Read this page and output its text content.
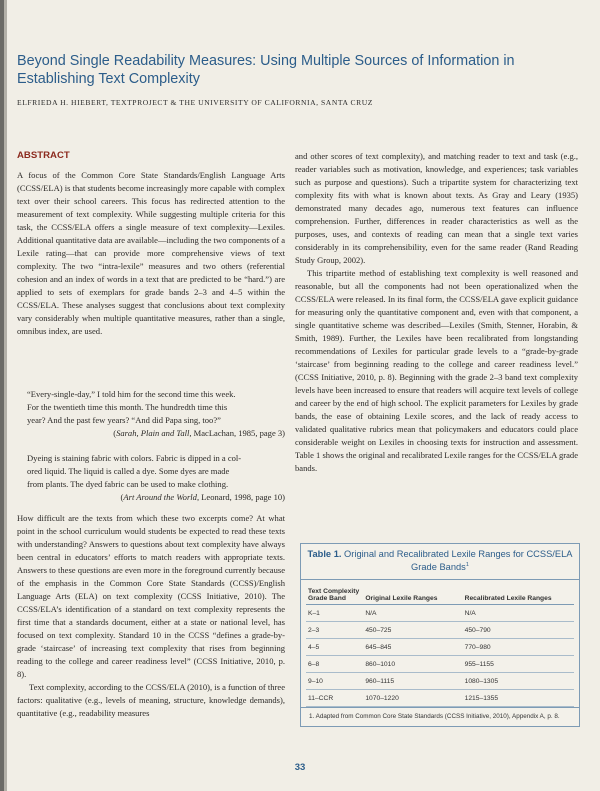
Beyond Single Readability Measures: Using Multiple Sources of Information in Establishing Text Complexity
ELFRIEDA H. HIEBERT, TEXTPROJECT & THE UNIVERSITY OF CALIFORNIA, SANTA CRUZ
ABSTRACT

A focus of the Common Core State Standards/English Language Arts (CCSS/ELA) is that students become increasingly more capable with complex text over their school careers. This focus has redirected attention to the measurement of text complexity. While suggesting multiple criteria for this task, the CCSS/ELA offers a single measure of text complexity—Lexiles. Additional quantitative data are available—including the two components of a Lexile rating—that can provide more comprehensive views of text complexity. The two “intra-lexile” measures and two others (referential cohesion and an index of words in a text that are predicted to be “hard.”) are applied to sets of exemplars for grade bands 2–3 and 4–5 within the CCSS/ELA. These analyses suggest that conclusions about text complexity vary considerably when multiple quantitative measures, rather than a single, omnibus index, are used.

“Every-single-day,” I told him for the second time this week.

For the twentieth time this month. The hundredth time this

year? And the past few years? “And did Papa sing, too?”

(Sarah, Plain and Tall, MacLachan, 1985, page 3)

Dyeing is staining fabric with colors. Fabric is dipped in a col-

ored liquid. The liquid is called a dye. Some dyes are made

from plants. The dyed fabric can be used to make clothing.

(Art Around the World, Leonard, 1998, page 10)

How difficult are the texts from which these two excerpts come? At what point in the school curriculum would students be expected to read these texts with understanding? Answers to questions about text complexity have always been central in educators’ efforts to match readers with appropriate texts. Answers to these questions are even more in the foreground currently because of the emphasis in the Common Core State Standards (CCSS)/English Language Arts (ELA) on text complexity (CCSS Initiative, 2010). The CCSS/ELA’s identification of a standard on text complexity represents the first time that a standards document, either at a state or national level, has focused on text complexity. Standard 10 in the CCSS “defines a grade-by-grade ‘staircase’ of increasing text complexity that rises from beginning reading to the college and career readiness level” (CCSS Initiative, 2010, p. 8).

Text complexity, according to the CCSS/ELA (2010), is a function of three factors: qualitative (e.g., levels of meaning, structure, knowledge demands), quantitative (e.g., readability measures

and other scores of text complexity), and matching reader to text and task (e.g., reader variables such as motivation, knowledge, and experiences; task variables such as purpose and questions). Such a tripartite system for characterizing text complexity fits with what is known about texts. As Gray and Leary (1935) demonstrated many decades ago, numerous text features can influence comprehension. Further, differences in reader characteristics as well as the purposes, uses, and contexts of reading can mean that a single text varies considerably in its comprehensibility, even for the same reader (Rand Reading Study Group, 2002).

This tripartite method of establishing text complexity is well reasoned and reasonable, but all the components had not been operationalized when the CCSS/ELA were released. In its final form, the CCSS/ELA gave explicit guidance for measuring only the quantitative component and, even with that component, a single quantitative scheme was described—Lexiles (Smith, Stenner, Horabin, & Smith, 1989). Further, the Lexiles have been recalibrated from longstanding recommendations of Lexiles for particular grade levels to a “grade-by-grade ‘staircase’ from beginning reading to the college and career readiness level.” (CCSS Initiative, 2010, p. 8). Beginning with the grade 2–3 band text complexity levels have been increased to ensure that readers will acquire text levels of college and career by the end of high school. The explicit parameters for Lexiles by grade bands, the ease of obtaining Lexile scores, and the lack of ready access to validated qualitative rubrics mean that policymakers and educators could place considerable weight on Lexiles in choosing texts for instruction and assessment. Table 1 shows the original and recalibrated Lexile ranges for the CCSS/ELA grade bands.

Table 1. Original and Recalibrated Lexile Ranges for CCSS/ELA Grade Bands$^1$
Text Complexity Grade Band	Original Lexile Ranges	Recalibrated Lexile Ranges
K–1	N/A	N/A
2–3	450–725	450–790
4–5	645–845	770–980
6–8	860–1010	955–1155
9–10	960–1115	1080–1305
11–CCR	1070–1220	1215–1355
1. Adapted from Common Core State Standards (CCSS Initiative, 2010), Appendix A, p. 8.
33
